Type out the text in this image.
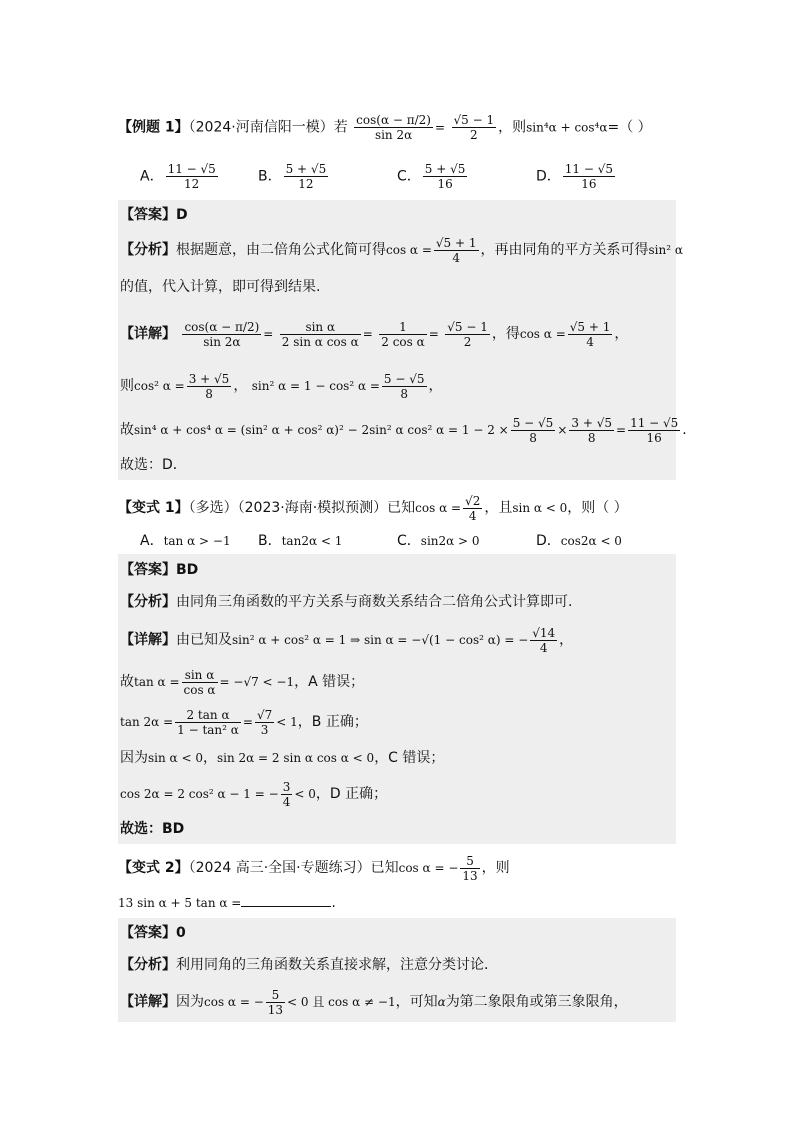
【例题 1】（2024·河南信阳一模）若 $\frac{\cos(\alpha - \pi/2)}{\sin 2\alpha} = \frac{√5 - 1}{2}$ ，则sin⁴α + cos⁴α=（ ）
A． $\frac{11 - √5}{12}$	B． $\frac{5 + √5}{12}$	C． $\frac{5 + √5}{16}$	D． $\frac{11 - √5}{16}$
【答案】D
【分析】根据题意，由二倍角公式化简可得$\cos \alpha = \frac{√5 + 1}{4}$ ，再由同角的平方关系可得sin² α
的值，代入计算，即可得到结果.
【详解】 $\frac{\cos(\alpha - \pi/2)}{\sin 2\alpha} = \frac{\text{sin α}}{\text{2 sin α cos α}} = \frac{1}{\text{2 cos α}} = \frac{√5 - 1}{2}$ ，得$\cos \alpha = \frac{√5 + 1}{4}$ ，
则cos² $\alpha = \frac{3 + √5}{8}$ ， sin² α = 1 − cos² $\alpha = \frac{5 - √5}{8}$ ，
故sin⁴ α + cos⁴ α = (sin² α + cos² α)² − 2sin² α cos² $\alpha = 1 - 2 \times \frac{5 - √5}{8} \times \frac{3 + √5}{8} = \frac{11 - √5}{16}$ .
故选：D．
【变式 1】（多选）（2023·海南·模拟预测）已知$\cos \alpha = \frac{√2}{4}$ ，且sin α < 0，则（ ）
A．tan α > −1 B．tan2α < 1	C．sin2α > 0	D．cos2α < 0
【答案】BD
【分析】由同角三角函数的平方关系与商数关系结合二倍角公式计算即可.
【详解】由已知及sin² α + cos² α = 1 ⇒ sin α = −√(1 − cos² α) = − $\frac{√14}{4}$ ，
故$\tan \alpha = \frac{\text{sin α}}{\text{cos α}} = -√7 < -1$，A 错误；
$\tan 2\alpha = \frac{\text{2 tan α}}{\text{1 − tan² α}} = \frac{√7}{3} < 1$，B 正确；
因为sin α < 0，sin 2α = 2 sin α cos α < 0，C 错误；
cos 2α = 2 cos² α − 1 = − $\frac{3}{4} < 0$，D 正确；
故选：BD
【变式 2】（2024 高三·全国·专题练习）已知cos α = − $\frac{5}{13}$ ，则
13 sin α + 5 tan α =	.
【答案】0
【分析】利用同角的三角函数关系直接求解，注意分类讨论．
【详解】因为cos α = − $\frac{5}{13} < 0$ 且 cos α ≠ −1，可知α为第二象限角或第三象限角，
